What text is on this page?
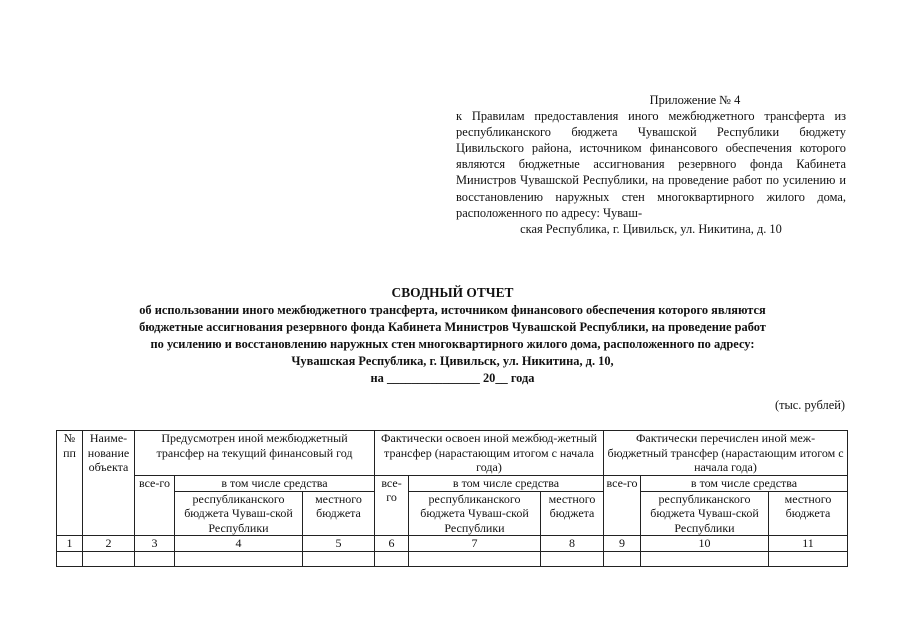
Приложение № 4
к Правилам предоставления иного межбюджетного трансферта из республиканского бюджета Чувашской Республики бюджету Цивильского района, источником финансового обеспечения которого являются бюджетные ассигнования резервного фонда Кабинета Министров Чувашской Республики, на проведение работ по усилению и восстановлению наружных стен многоквартирного жилого дома, расположенного по адресу: Чуваш-
ская Республика, г. Цивильск, ул. Никитина, д. 10
СВОДНЫЙ ОТЧЕТ
об использовании иного межбюджетного трансферта, источником финансового обеспечения которого являются
бюджетные ассигнования резервного фонда Кабинета Министров Чувашской Республики, на проведение работ
по усилению и восстановлению наружных стен многоквартирного жилого дома, расположенного по адресу:
Чувашская Республика, г. Цивильск, ул. Никитина, д. 10,
на _______________ 20__ года
(тыс. рублей)
№ пп	Наиме-нование объекта	Предусмотрен иной межбюджетный трансфер на текущий финансовый год			Фактически освоен иной межбюд-жетный трансфер (нарастающим итогом с начала года)			Фактически перечислен иной меж-бюджетный трансфер (нарастающим итогом с начала года)		
		все-го	в том числе средства		все-го	в том числе средства		все-го	в том числе средства	
			республиканского бюджета Чуваш-ской Республики	местного бюджета		республиканского бюджета Чуваш-ской Республики	местного бюджета		республиканского бюджета Чуваш-ской Республики	местного бюджета
1	2	3	4	5	6	7	8	9	10	11
